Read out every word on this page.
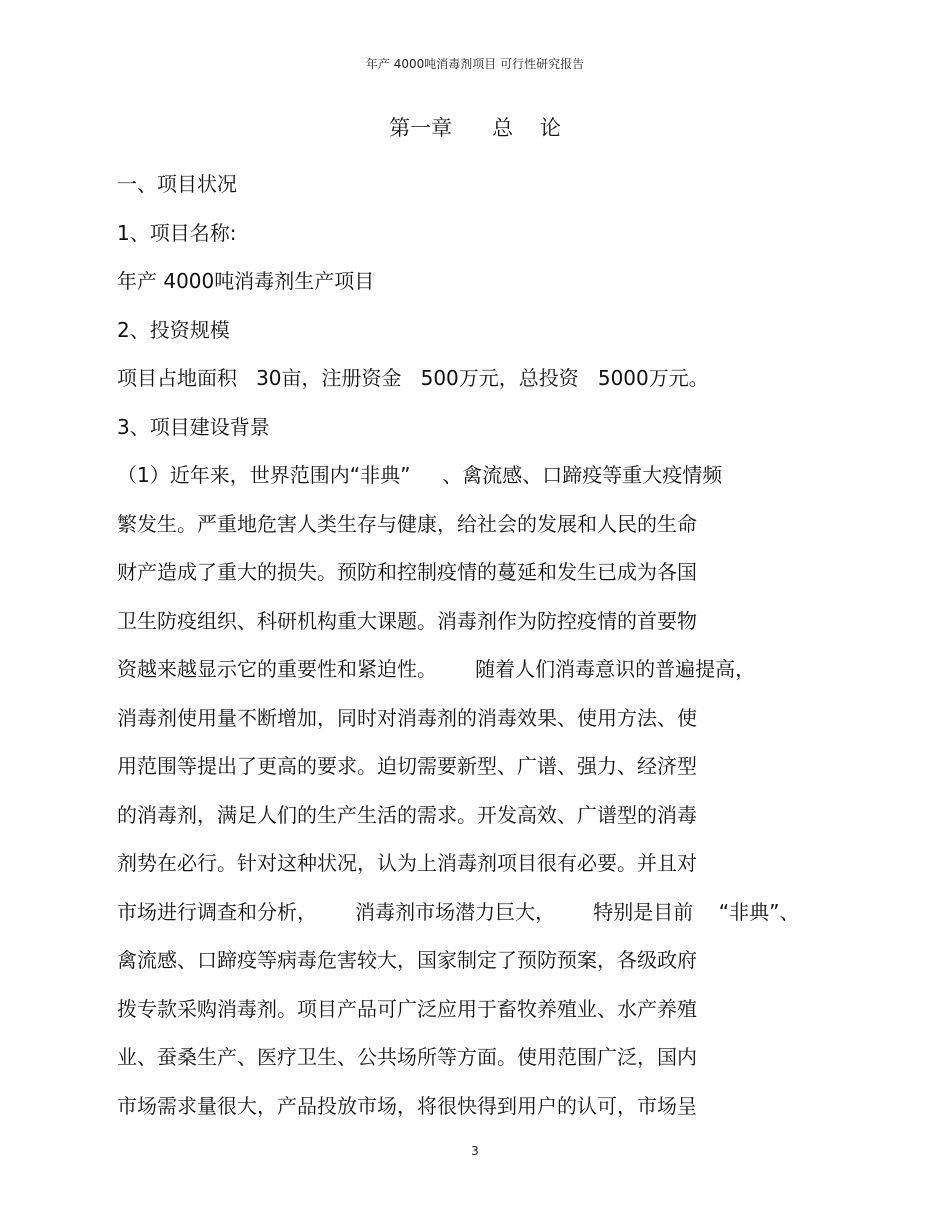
年产 4000吨消毒剂项目 可行性研究报告
第一章      总    论
一、项目状况
1、项目名称:
年产 4000吨消毒剂生产项目
2、投资规模
项目占地面积   30亩，注册资金   500万元，总投资   5000万元。
3、项目建设背景
（1）近年来，世界范围内“非典”     、禽流感、口蹄疫等重大疫情频
繁发生。严重地危害人类生存与健康，给社会的发展和人民的生命
财产造成了重大的损失。预防和控制疫情的蔓延和发生已成为各国
卫生防疫组织、科研机构重大课题。消毒剂作为防控疫情的首要物
资越来越显示它的重要性和紧迫性。      随着人们消毒意识的普遍提高，
消毒剂使用量不断增加，同时对消毒剂的消毒效果、使用方法、使
用范围等提出了更高的要求。迫切需要新型、广谱、强力、经济型
的消毒剂，满足人们的生产生活的需求。开发高效、广谱型的消毒
剂势在必行。针对这种状况，认为上消毒剂项目很有必要。并且对
市场进行调查和分析，      消毒剂市场潜力巨大，      特别是目前    “非典”、
禽流感、口蹄疫等病毒危害较大，国家制定了预防预案，各级政府
拨专款采购消毒剂。项目产品可广泛应用于畜牧养殖业、水产养殖
业、蚕桑生产、医疗卫生、公共场所等方面。使用范围广泛，国内
市场需求量很大，产品投放市场，将很快得到用户的认可，市场呈
3
